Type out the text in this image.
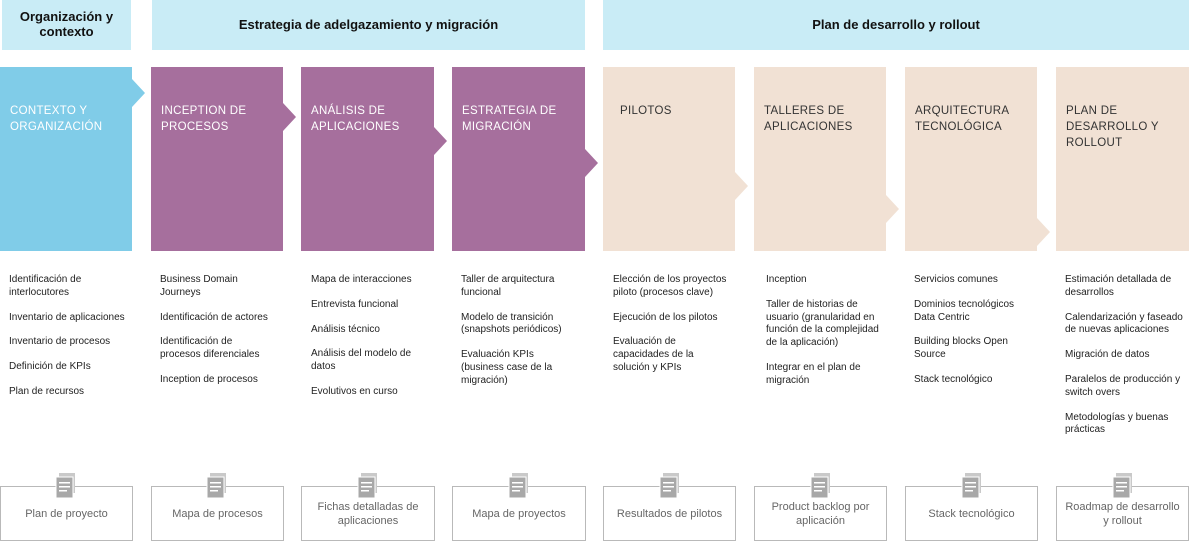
Organización y contexto	Estrategia de adelgazamiento y migración	Plan de desarrollo y rollout
CONTEXTO Y ORGANIZACIÓN
INCEPTION DE PROCESOS
ANÁLISIS DE APLICACIONES
ESTRATEGIA DE MIGRACIÓN
PILOTOS	TALLERES DE APLICACIONES
ARQUITECTURA TECNOLÓGICA
PLAN DE DESARROLLO Y ROLLOUT
Identificación de interlocutores
Inventario de aplicaciones
Inventario de procesos
Definición de KPIs
Plan de recursos
Business Domain Journeys
Identificación de actores
Identificación de procesos diferenciales
Inception de procesos
Mapa de interacciones
Entrevista funcional
Análisis técnico
Análisis del modelo de datos
Evolutivos en curso
Taller de arquitectura funcional
Modelo de transición (snapshots periódicos)
Evaluación KPIs (business case de la migración)
Elección de los proyectos piloto (procesos clave)
Ejecución de los pilotos
Evaluación de capacidades de la solución y KPIs
Inception
Taller de historias de usuario (granularidad en función de la complejidad de la aplicación)
Integrar en el plan de migración
Servicios comunes
Dominios tecnológicos Data Centric
Building blocks Open Source
Stack tecnológico
Estimación detallada de desarrollos
Calendarización y faseado de nuevas aplicaciones
Migración de datos
Paralelos de producción y switch overs
Metodologías y buenas prácticas
Plan de proyecto	Mapa de procesos
Fichas detalladas de aplicaciones
Mapa de proyectos	Resultados de pilotos
Product backlog por aplicación
Stack tecnológico
Roadmap de desarrollo y rollout
